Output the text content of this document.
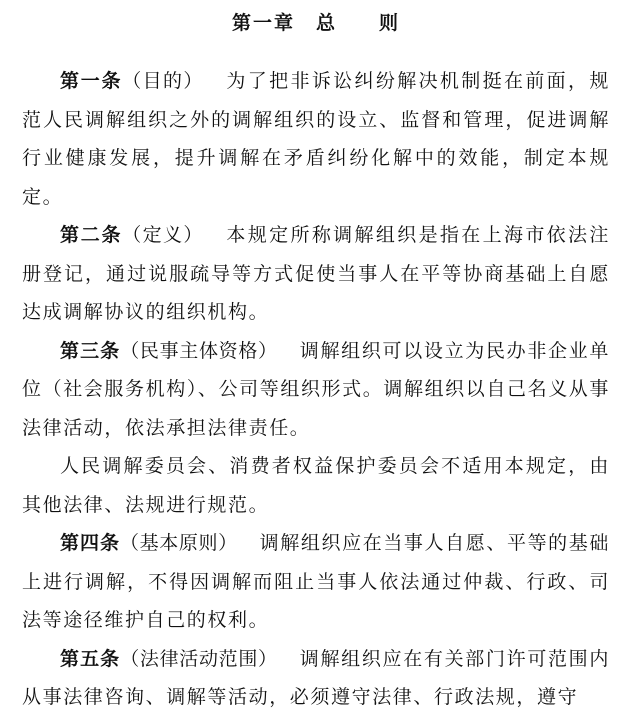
第一章　总　　则

第一条（目的） 为了把非诉讼纠纷解决机制挺在前面，规范人民调解组织之外的调解组织的设立、监督和管理，促进调解行业健康发展，提升调解在矛盾纠纷化解中的效能，制定本规定。

第二条（定义） 本规定所称调解组织是指在上海市依法注册登记，通过说服疏导等方式促使当事人在平等协商基础上自愿达成调解协议的组织机构。

第三条（民事主体资格） 调解组织可以设立为民办非企业单位（社会服务机构）、公司等组织形式。调解组织以自己名义从事法律活动，依法承担法律责任。

人民调解委员会、消费者权益保护委员会不适用本规定，由其他法律、法规进行规范。

第四条（基本原则） 调解组织应在当事人自愿、平等的基础上进行调解，不得因调解而阻止当事人依法通过仲裁、行政、司法等途径维护自己的权利。

第五条（法律活动范围） 调解组织应在有关部门许可范围内从事法律咨询、调解等活动，必须遵守法律、行政法规，遵守
